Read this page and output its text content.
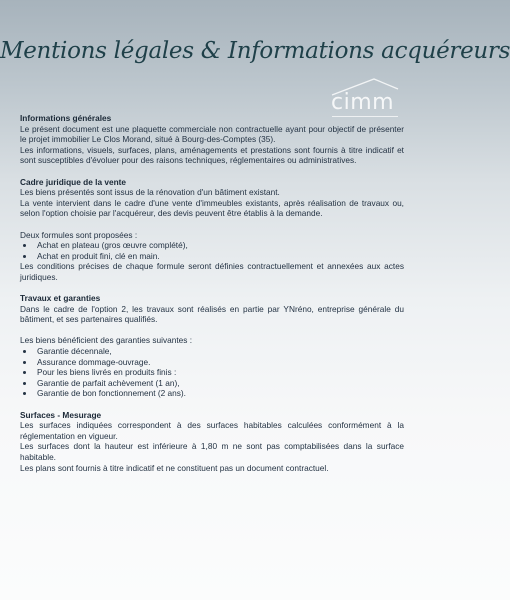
Mentions légales & Informations acquéreurs
cimm
Informations générales

Le présent document est une plaquette commerciale non contractuelle ayant pour objectif de présenter le projet immobilier Le Clos Morand, situé à Bourg-des-Comptes (35).

Les informations, visuels, surfaces, plans, aménagements et prestations sont fournis à titre indicatif et sont susceptibles d'évoluer pour des raisons techniques, réglementaires ou administratives.

Cadre juridique de la vente

Les biens présentés sont issus de la rénovation d'un bâtiment existant.

La vente intervient dans le cadre d'une vente d'immeubles existants, après réalisation de travaux ou, selon l'option choisie par l'acquéreur, des devis peuvent être établis à la demande.

Deux formules sont proposées :

• Achat en plateau (gros œuvre complété),
• Achat en produit fini, clé en main.

Les conditions précises de chaque formule seront définies contractuellement et annexées aux actes juridiques.

Travaux et garanties

Dans le cadre de l'option 2, les travaux sont réalisés en partie par YNréno, entreprise générale du bâtiment, et ses partenaires qualifiés.

Les biens bénéficient des garanties suivantes :

• Garantie décennale,
• Assurance dommage-ouvrage.
• Pour les biens livrés en produits finis :
• Garantie de parfait achèvement (1 an),
• Garantie de bon fonctionnement (2 ans).
Surfaces - Mesurage

Les surfaces indiquées correspondent à des surfaces habitables calculées conformément à la réglementation en vigueur.

Les surfaces dont la hauteur est inférieure à 1,80 m ne sont pas comptabilisées dans la surface habitable.

Les plans sont fournis à titre indicatif et ne constituent pas un document contractuel.
